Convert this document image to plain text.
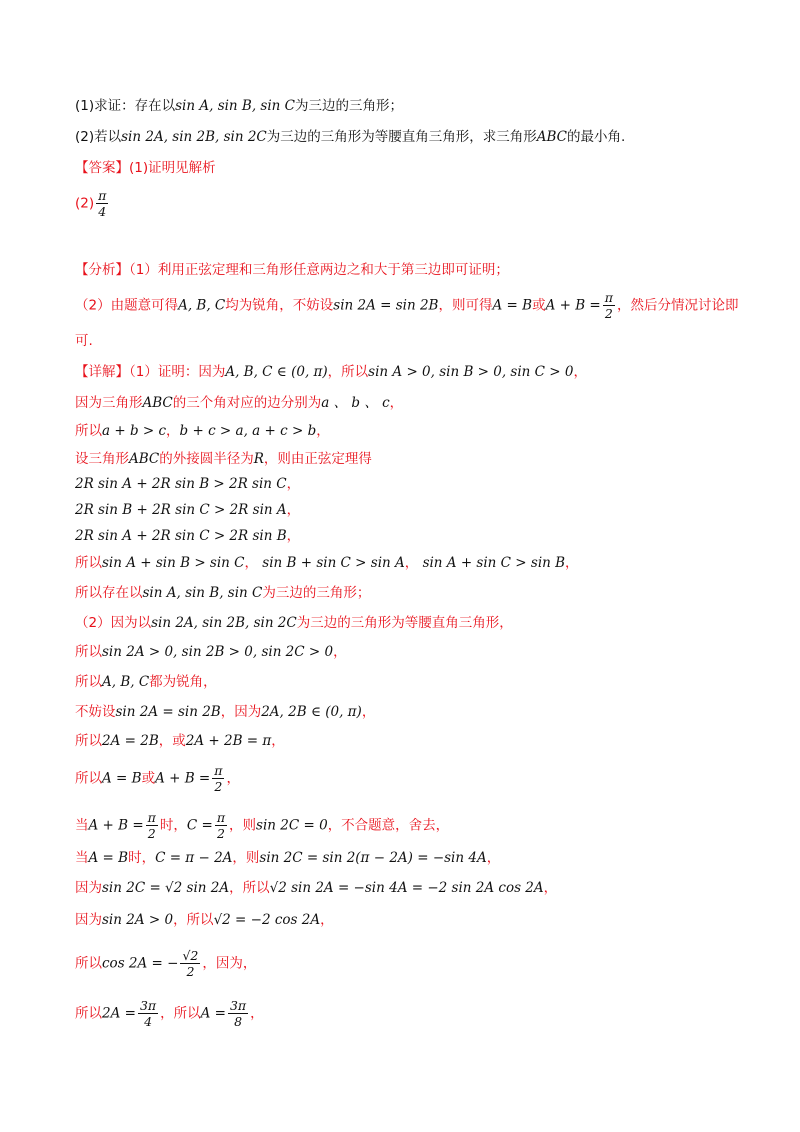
(1)求证：存在以sin A, sin B, sin C为三边的三角形；
(2)若以sin 2A, sin 2B, sin 2C为三边的三角形为等腰直角三角形，求三角形ABC的最小角.
【答案】(1)证明见解析
$(2) \frac{\pi}{4}$
【分析】（1）利用正弦定理和三角形任意两边之和大于第三边即可证明；
（2）由题意可得A, B, C均为锐角，不妨设sin 2A = sin 2B，则可得A = B或$A + B = \frac{\pi}{2}$ ，然后分情况讨论即
可.
【详解】（1）证明：因为A, B, C ∈ (0, π)，所以sin A > 0, sin B > 0, sin C > 0，
因为三角形ABC的三个角对应的边分别为a 、 b 、 c，
所以a + b > c，b + c > a, a + c > b，
设三角形ABC的外接圆半径为R，则由正弦定理得
2R sin A + 2R sin B > 2R sin C，
2R sin B + 2R sin C > 2R sin A，
2R sin A + 2R sin C > 2R sin B，
所以sin A + sin B > sin C， sin B + sin C > sin A， sin A + sin C > sin B，
所以存在以sin A, sin B, sin C为三边的三角形；
（2）因为以sin 2A, sin 2B, sin 2C为三边的三角形为等腰直角三角形，
所以sin 2A > 0, sin 2B > 0, sin 2C > 0，
所以A, B, C都为锐角，
不妨设sin 2A = sin 2B，因为2A, 2B ∈ (0, π)，
所以2A = 2B，或2A + 2B = π，
所以A = B或$A + B = \frac{\pi}{2}$ ，
当$A + B = \frac{\pi}{2}$ 时，$C = \frac{\pi}{2}$ ，则sin 2C = 0，不合题意，舍去，
当A = B时，C = π − 2A，则sin 2C = sin 2(π − 2A) = −sin 4A，
因为sin 2C = √2 sin 2A，所以√2 sin 2A = −sin 4A = −2 sin 2A cos 2A，
因为sin 2A > 0，所以√2 = −2 cos 2A，
所以cos 2A = − $\frac{√2}{2}$ ，因为，
所以$2A = \frac{3\pi}{4}$ ，所以$A = \frac{3\pi}{8}$ ，
